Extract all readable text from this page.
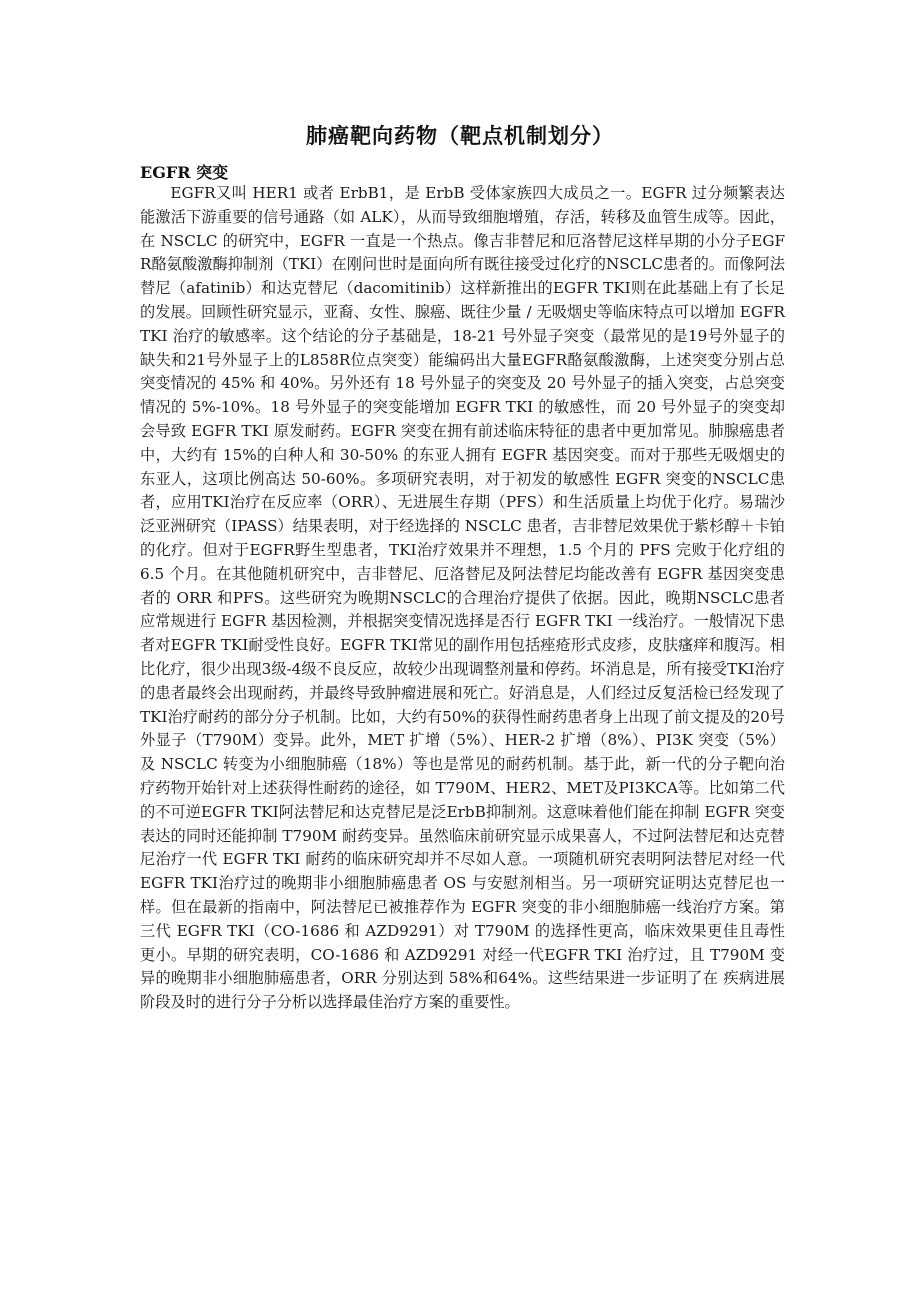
肺癌靶向药物（靶点机制划分）
EGFR 突变

EGFR又叫 HER1 或者 ErbB1，是 ErbB 受体家族四大成员之一。EGFR 过分频繁表达能激活下游重要的信号通路（如 ALK），从而导致细胞增殖，存活，转移及血管生成等。因此，在 NSCLC 的研究中，EGFR 一直是一个热点。像吉非替尼和厄洛替尼这样早期的小分子EGFR酪氨酸激酶抑制剂（TKI）在刚问世时是面向所有既往接受过化疗的NSCLC患者的。而像阿法替尼（afatinib）和达克替尼（dacomitinib）这样新推出的EGFR TKI则在此基础上有了长足的发展。回顾性研究显示，亚裔、女性、腺癌、既往少量 / 无吸烟史等临床特点可以增加 EGFR TKI 治疗的敏感率。这个结论的分子基础是，18-21 号外显子突变（最常见的是19号外显子的缺失和21号外显子上的L858R位点突变）能编码出大量EGFR酪氨酸激酶，上述突变分别占总突变情况的 45% 和 40%。另外还有 18 号外显子的突变及 20 号外显子的插入突变，占总突变情况的 5%-10%。18 号外显子的突变能增加 EGFR TKI 的敏感性，而 20 号外显子的突变却会导致 EGFR TKI 原发耐药。EGFR 突变在拥有前述临床特征的患者中更加常见。肺腺癌患者中，大约有 15%的白种人和 30-50% 的东亚人拥有 EGFR 基因突变。而对于那些无吸烟史的东亚人，这项比例高达 50-60%。多项研究表明，对于初发的敏感性 EGFR 突变的NSCLC患者，应用TKI治疗在反应率（ORR）、无进展生存期（PFS）和生活质量上均优于化疗。易瑞沙泛亚洲研究（IPASS）结果表明，对于经选择的 NSCLC 患者，吉非替尼效果优于紫杉醇＋卡铂的化疗。但对于EGFR野生型患者，TKI治疗效果并不理想，1.5 个月的 PFS 完败于化疗组的 6.5 个月。在其他随机研究中，吉非替尼、厄洛替尼及阿法替尼均能改善有 EGFR 基因突变患者的 ORR 和PFS。这些研究为晚期NSCLC的合理治疗提供了依据。因此，晚期NSCLC患者应常规进行 EGFR 基因检测，并根据突变情况选择是否行 EGFR TKI 一线治疗。一般情况下患者对EGFR TKI耐受性良好。EGFR TKI常见的副作用包括痤疮形式皮疹，皮肤瘙痒和腹泻。相比化疗，很少出现3级-4级不良反应，故较少出现调整剂量和停药。坏消息是，所有接受TKI治疗的患者最终会出现耐药，并最终导致肿瘤进展和死亡。好消息是，人们经过反复活检已经发现了TKI治疗耐药的部分分子机制。比如，大约有50%的获得性耐药患者身上出现了前文提及的20号外显子（T790M）变异。此外，MET 扩增（5%）、HER-2 扩增（8%）、PI3K 突变（5%）及 NSCLC 转变为小细胞肺癌（18%）等也是常见的耐药机制。基于此，新一代的分子靶向治疗药物开始针对上述获得性耐药的途径，如 T790M、HER2、MET及PI3KCA等。比如第二代的不可逆EGFR TKI阿法替尼和达克替尼是泛ErbB抑制剂。这意味着他们能在抑制 EGFR 突变表达的同时还能抑制 T790M 耐药变异。虽然临床前研究显示成果喜人，不过阿法替尼和达克替尼治疗一代 EGFR TKI 耐药的临床研究却并不尽如人意。一项随机研究表明阿法替尼对经一代 EGFR TKI治疗过的晚期非小细胞肺癌患者 OS 与安慰剂相当。另一项研究证明达克替尼也一样。但在最新的指南中，阿法替尼已被推荐作为 EGFR 突变的非小细胞肺癌一线治疗方案。第三代 EGFR TKI（CO-1686 和 AZD9291）对 T790M 的选择性更高，临床效果更佳且毒性更小。早期的研究表明，CO-1686 和 AZD9291 对经一代EGFR TKI 治疗过，且 T790M 变异的晚期非小细胞肺癌患者，ORR 分别达到 58%和64%。这些结果进一步证明了在 疾病进展阶段及时的进行分子分析以选择最佳治疗方案的重要性。
